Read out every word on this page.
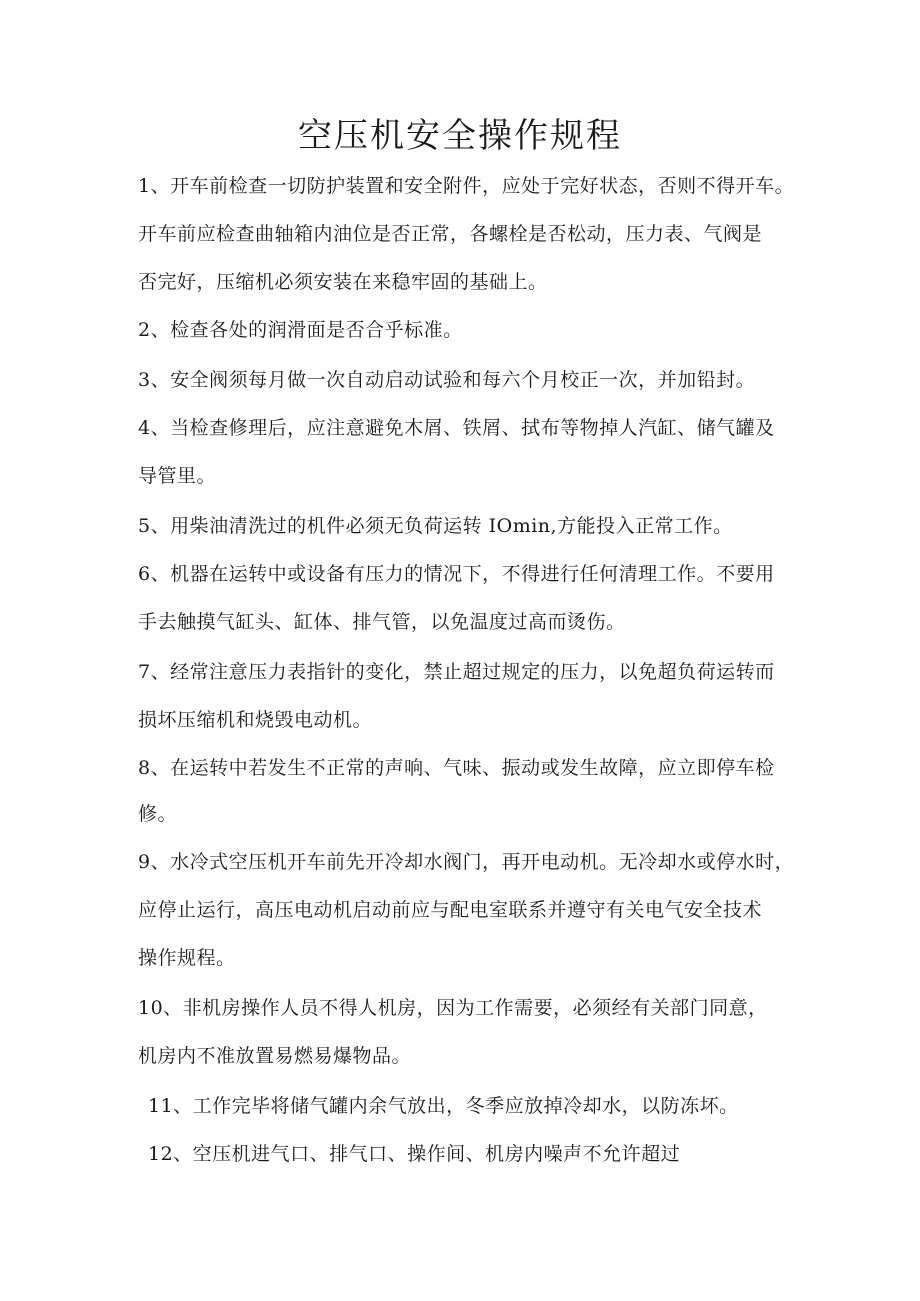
空压机安全操作规程
1、开车前检查一切防护装置和安全附件，应处于完好状态，否则不得开车。
开车前应检查曲轴箱内油位是否正常，各螺栓是否松动，压力表、气阀是
否完好，压缩机必须安装在来稳牢固的基础上。
2、检查各处的润滑面是否合乎标准。
3、安全阀须每月做一次自动启动试验和每六个月校正一次，并加铅封。
4、当检查修理后，应注意避免木屑、铁屑、拭布等物掉人汽缸、储气罐及
导管里。
5、用柴油清洗过的机件必须无负荷运转 IOmin,方能投入正常工作。
6、机器在运转中或设备有压力的情况下，不得进行任何清理工作。不要用
手去触摸气缸头、缸体、排气管，以免温度过高而烫伤。
7、经常注意压力表指针的变化，禁止超过规定的压力，以免超负荷运转而
损坏压缩机和烧毁电动机。
8、在运转中若发生不正常的声响、气味、振动或发生故障，应立即停车检
修。
9、水冷式空压机开车前先开冷却水阀门，再开电动机。无冷却水或停水时，
应停止运行，高压电动机启动前应与配电室联系并遵守有关电气安全技术
操作规程。
10、非机房操作人员不得人机房，因为工作需要，必须经有关部门同意，
机房内不准放置易燃易爆物品。
11、工作完毕将储气罐内余气放出，冬季应放掉冷却水，以防冻坏。
12、空压机进气口、排气口、操作间、机房内噪声不允许超过
